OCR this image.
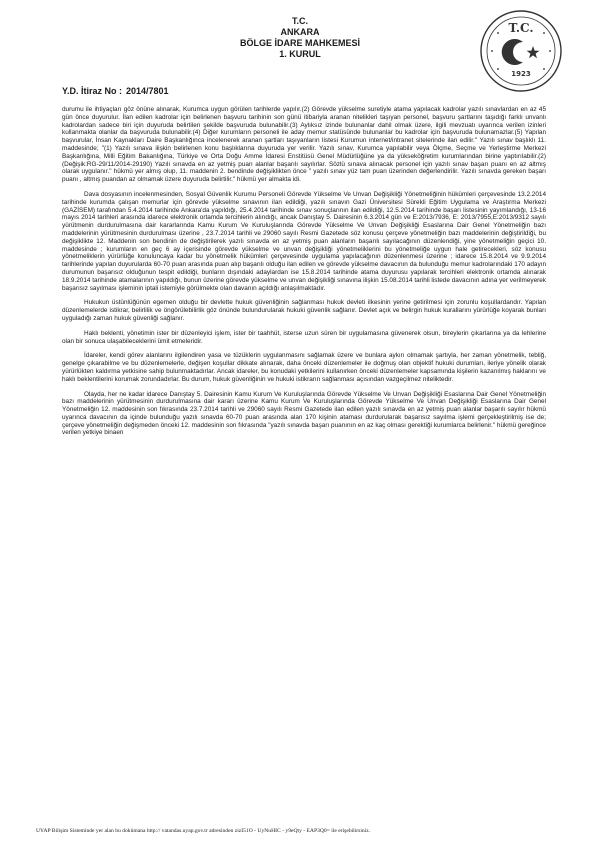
T.C.
ANKARA
BÖLGE İDARE MAHKEMESİ
1. KURUL
T.C.
1923
Y.D. İtiraz No : 2014/7801

durumu ile ihtiyaçları göz önüne alınarak, Kurumca uygun görülen tarihlerde yapılır.(2) Görevde yükselme suretiyle atama yapılacak kadrolar yazılı sınavlardan en az 45 gün önce duyurulur. İlan edilen kadrolar için belirlenen başvuru tarihinin son günü itibariyla aranan nitelikleri taşıyan personel, başvuru şartlarını taşıdığı farklı unvanlı kadrolardan sadece biri için duyuruda belirtilen şekilde başvuruda bulunabilir.(3) Aylıksız izinde bulunanlar dahil olmak üzere, ilgili mevzuatı uyarınca verilen izinleri kullanmakta olanlar da başvuruda bulunabilir.(4) Diğer kurumların personeli ile aday memur statüsünde bulunanlar bu kadrolar için başvuruda bulunamazlar.(5) Yapılan başvurular, İnsan Kaynakları Daire Başkanlığınca incelenerek aranan şartları taşıyanların listesi Kurumun internet/intranet sitelerinde ilan edilir." Yazılı sınav başlıklı 11. maddesinde; "(1) Yazılı sınava ilişkin belirlenen konu başlıklarına duyuruda yer verilir. Yazılı sınav, Kurumca yapılabilir veya Ölçme, Seçme ve Yerleştirme Merkezi Başkanlığına, Milli Eğitim Bakanlığına, Türkiye ve Orta Doğu Amme İdaresi Enstitüsü Genel Müdürlüğüne ya da yükseköğretim kurumlarından birine yaptırılabilir.(2) (Değişik:RG-29/11/2014-29190) Yazılı sınavda en az yetmiş puan alanlar başarılı sayılırlar. Sözlü sınava alınacak personel için yazılı sınav başarı puanı en az altmış olarak uygulanır." hükmü yer almış olup, 11. maddenin 2. bendinde değişiklikten önce " yazılı sınav yüz tam puan üzerinden değerlendirilir. Yazılı sınavda gereken başarı puanı , altmış puandan az olmamak üzere duyuruda belirtilir." hükmü yer almakta idi.

Dava dosyasının incelenmesinden, Sosyal Güvenlik Kurumu Personeli Görevde Yükselme Ve Unvan Değişikliği Yönetmeliğinin hükümleri çerçevesinde 13.2.2014 tarihinde kurumda çalışan memurlar için görevde yükselme sınavının ilan edildiği, yazılı sınavın Gazi Üniversitesi Sürekli Eğitim Uygulama ve Araştırma Merkezi (GAZİSEM) tarafından 5.4.2014 tarihinde Ankara'da yapıldığı, 25.4.2014 tarihinde sınav sonuçlarının ilan edildiği, 12.5.2014 tarihinde başarı listesinin yayımlandığı, 13-16 mayıs 2014 tarihleri arasında idarece elektronik ortamda tercihlerin alındığı, ancak Danıştay 5. Dairesinin 6.3.2014 gün ve E:2013/7936, E: 2013/7955,E:2013/9312 sayılı yürütmenin durdurulmasına dair kararlarında Kamu Kurum Ve Kuruluşlarında Görevde Yükselme Ve Unvan Değişikliği Esaslarına Dair Genel Yönetmeliğin bazı maddelerinin yürütmesinin durdurulması üzerine , 23.7.2014 tarihli ve 29060 sayılı Resmi Gazetede söz konusu çerçeve yönetmeliğin bazı maddelerinin değiştirildiği, bu değişiklikte 12. Maddenin son bendinin de değiştirilerek yazılı sınavda en az yetmiş puan alanların başarılı sayılacağının düzenlendiği, yine yönetmeliğin geçici 10. maddesinde ; kurumların en geç 6 ay içerisinde görevde yükselme ve unvan değişikliği yönetmeliklerini bu yönetmeliğe uygun hale getirecekleri, söz konusu yönetmeliklerin yürürlüğe konuluncaya kadar bu yönetmelik hükümleri çerçevesinde uygulama yapılacağının düzenlenmesi üzerine ; idarece 15.8.2014 ve 9.9.2014 tarihlerinde yapılan duyurularda 60-70 puan arasında puan alıp başarılı olduğu ilan edilen ve görevde yükselme davacının da bulunduğu memur kadrolarındaki 170 adayın durumunun başarısız olduğunun tespit edildiği, bunların dışındaki adaylardan ise 15.8.2014 tarihinde atama duyurusu yapılarak tercihleri elektronik ortamda alınarak 18.9.2014 tarihinde atamalarının yapıldığı, bunun üzerine görevde yükselme ve unvan değişikliği sınavına ilişkin 15.08.2014 tarihli listede davacının adına yer verilmeyerek başarısız sayılması işleminin iptali istemiyle görülmekte olan davanın açıldığı anlaşılmaktadır.

Hukukun üstünlüğünün egemen olduğu bir devlette hukuk güvenliğinin sağlanması hukuk devleti ilkesinin yerine getirilmesi için zorunlu koşullardandır. Yapılan düzenlemelerde istikrar, belirlilik ve öngörülebilirlik göz önünde bulundurularak hukuki güvenlik sağlanır. Devlet açık ve belirgin hukuk kurallarını yürürlüğe koyarak bunları uyguladığı zaman hukuk güvenliği sağlanır.

Haklı beklenti, yönetimin ister bir düzenleyici işlem, ister bir taahhüt, isterse uzun süren bir uygulamasına güvenerek olsun, bireylerin çıkarlarına ya da lehlerine olan bir sonuca ulaşabileceklerini ümit etmeleridir.

İdareler, kendi görev alanlarını ilgilendiren yasa ve tüzüklerin uygulanmasını sağlamak üzere ve bunlara aykırı olmamak şartıyla, her zaman yönetmelik, tebliğ, genelge çıkarabilme ve bu düzenlemelerle, değişen koşullar dikkate alınarak, daha önceki düzenlemeler ile doğmuş olan objektif hukuki durumları, ileriye yönelik olarak yürürlükten kaldırma yetkisine sahip bulunmaktadırlar. Ancak idareler, bu konudaki yetkilerini kullanırken önceki düzenlemeler kapsamında kişilerin kazanılmış haklarını ve haklı beklentilerini korumak zorundadırlar. Bu durum, hukuk güvenliğinin ve hukuki istikrarın sağlanması açısından vazgeçilmez niteliktedir.

Olayda, her ne kadar idarece Danıştay 5. Dairesinin Kamu Kurum Ve Kuruluşlarında Görevde Yükselme Ve Unvan Değişikliği Esaslarına Dair Genel Yönetmeliğin bazı maddelerinin yürütmesinin durdurulmasına dair kararı üzerine Kamu Kurum Ve Kuruluşlarında Görevde Yükselme Ve Unvan Değişikliği Esaslarına Dair Genel Yönetmeliğin 12. maddesinin son fıkrasında 23.7.2014 tarihli ve 29060 sayılı Resmi Gazetede ilan edilen yazılı sınavda en az yetmiş puan alanlar başarılı sayılır hükmü uyarınca davacının da içinde bulunduğu yazılı sınavda 60-70 puan arasında alan 170 kişinin ataması durdurularak başarısız sayılma işlemi gerçekleştirilmiş ise de; çerçeve yönetmeliğin değişmeden önceki 12. maddesinin son fıkrasında "yazılı sınavda başarı puanının en az kaç olması gerektiği kurumlarca belirlenir." hükmü gereğince verilen yetkiye binaen

UYAP Bilişim Sisteminde yer alan bu dokümana http:// vatandas.uyap.gov.tr adresinden zizI51O - UyNuHIC - y9eQty - EAP3Q0= ile erişebilirsiniz.
